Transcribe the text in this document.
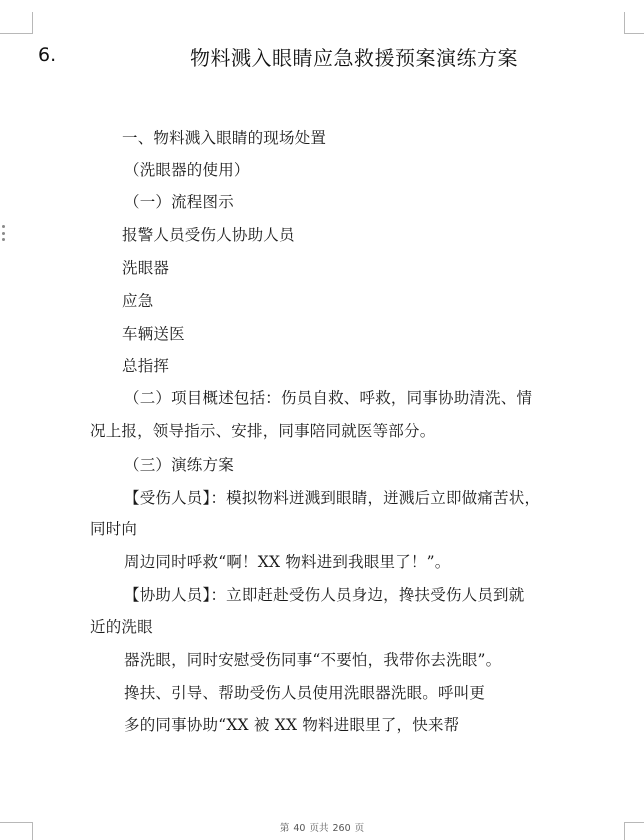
6.	物料溅入眼睛应急救援预案演练方案
一、物料溅入眼睛的现场处置
（洗眼器的使用）
（一）流程图示
报警人员受伤人协助人员
洗眼器
应急
车辆送医
总指挥
（二）项目概述包括：伤员自救、呼救，同事协助清洗、情
况上报，领导指示、安排，同事陪同就医等部分。
（三）演练方案
【受伤人员】：模拟物料迸溅到眼睛，迸溅后立即做痛苦状，
同时向
周边同时呼救“啊！XX 物料进到我眼里了！”。
【协助人员】：立即赶赴受伤人员身边，搀扶受伤人员到就
近的洗眼
器洗眼，同时安慰受伤同事“不要怕，我带你去洗眼”。
搀扶、引导、帮助受伤人员使用洗眼器洗眼。呼叫更
多的同事协助“XX 被 XX 物料进眼里了，快来帮
第 40 页共 260 页
